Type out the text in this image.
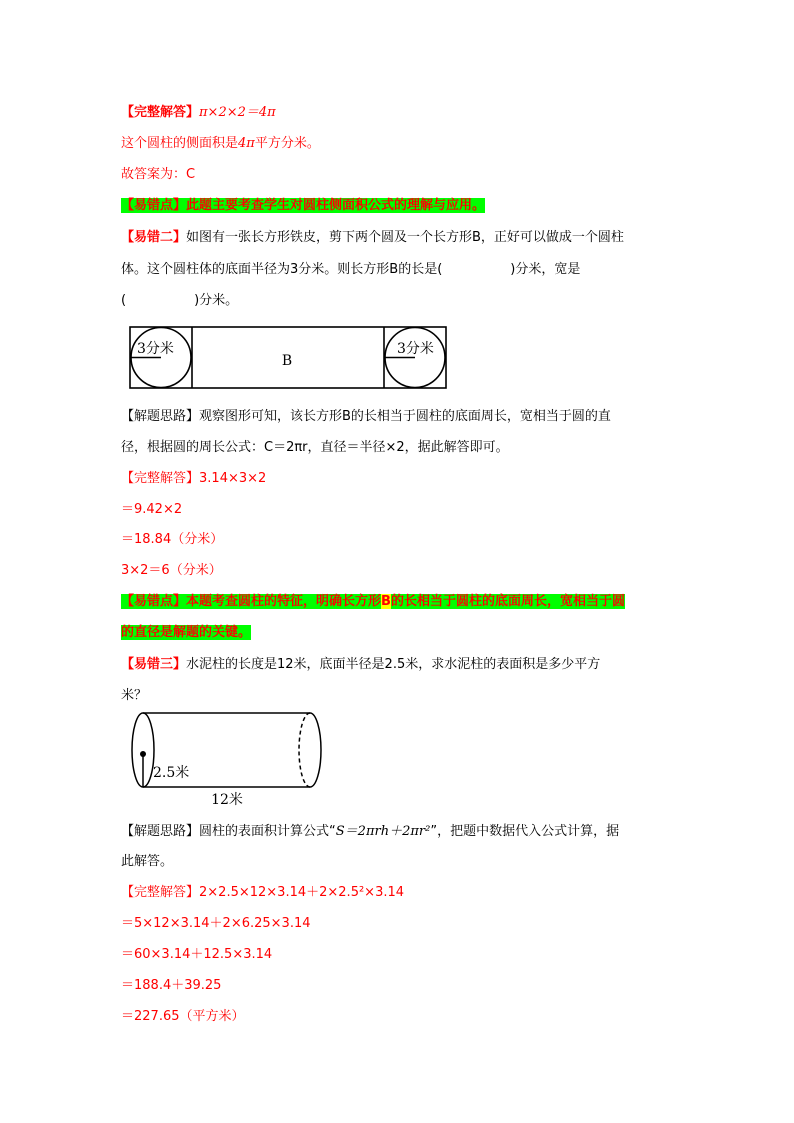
【完整解答】π×2×2＝4π
这个圆柱的侧面积是4π平方分米。
故答案为：C
【易错点】此题主要考查学生对圆柱侧面积公式的理解与应用。
【易错二】如图有一张长方形铁皮，剪下两个圆及一个长方形B，正好可以做成一个圆柱
体。这个圆柱体的底面半径为3分米。则长方形B的长是(	)分米，宽是
(	)分米。
3分米
B
3分米
【解题思路】观察图形可知，该长方形B的长相当于圆柱的底面周长，宽相当于圆的直
径，根据圆的周长公式：C＝2πr，直径＝半径×2，据此解答即可。
【完整解答】3.14×3×2
＝9.42×2
＝18.84（分米）
3×2＝6（分米）
【易错点】本题考查圆柱的特征，明确长方形B的长相当于圆柱的底面周长，宽相当于圆
的直径是解题的关键。
【易错三】水泥柱的长度是12米，底面半径是2.5米，求水泥柱的表面积是多少平方
米？
2.5米
12米
【解题思路】圆柱的表面积计算公式“S＝2πrh＋2πr²”，把题中数据代入公式计算，据
此解答。
【完整解答】2×2.5×12×3.14＋2×2.5²×3.14
＝5×12×3.14＋2×6.25×3.14
＝60×3.14＋12.5×3.14
＝188.4＋39.25
＝227.65（平方米）
